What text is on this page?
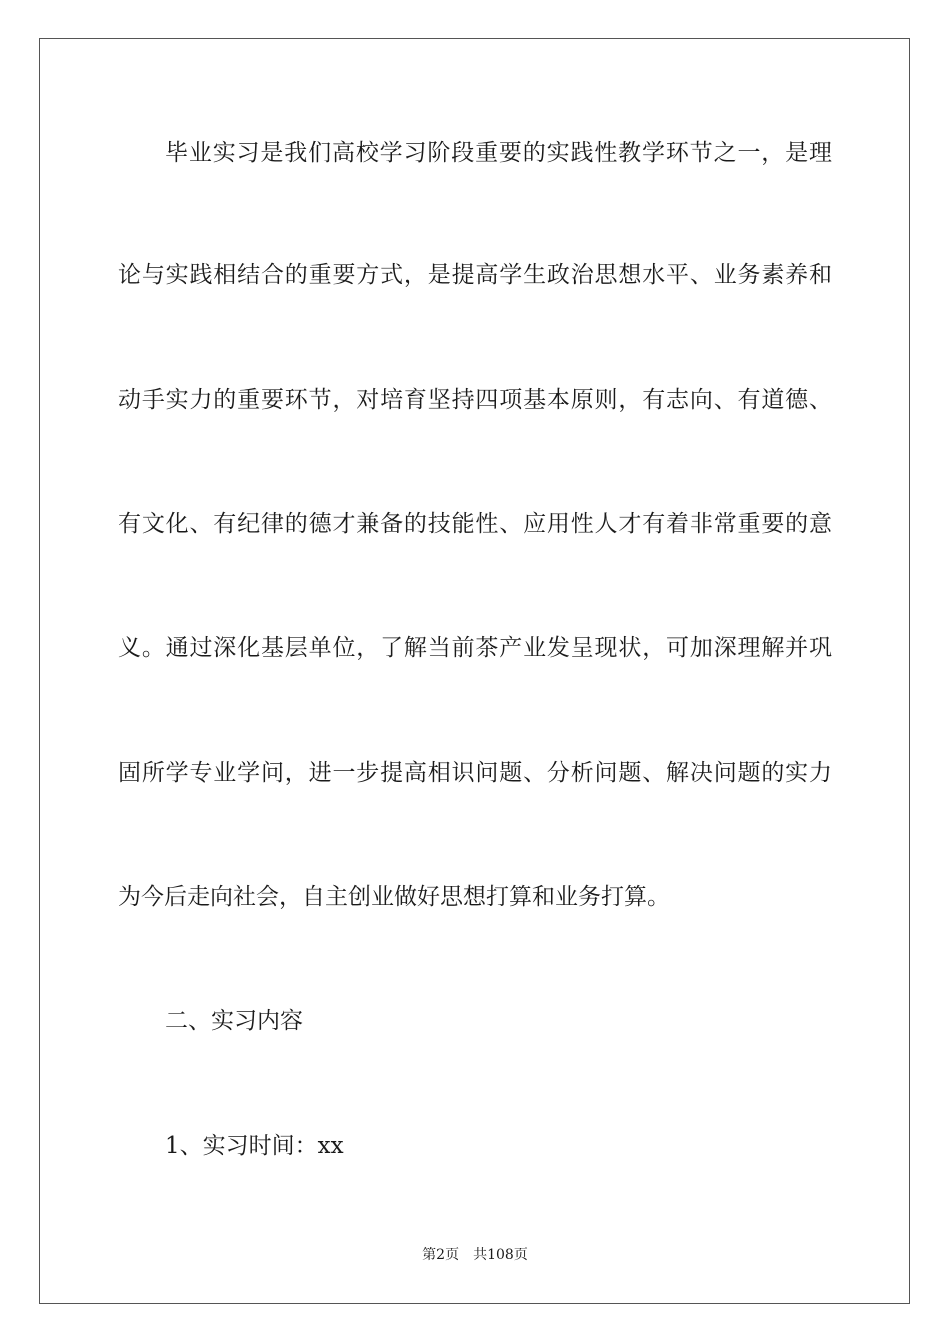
毕业实习是我们高校学习阶段重要的实践性教学环节之一，是理
论与实践相结合的重要方式，是提高学生政治思想水平、业务素养和
动手实力的重要环节，对培育坚持四项基本原则，有志向、有道德、
有文化、有纪律的德才兼备的技能性、应用性人才有着非常重要的意
义。通过深化基层单位，了解当前茶产业发呈现状，可加深理解并巩
固所学专业学问，进一步提高相识问题、分析问题、解决问题的实力
为今后走向社会，自主创业做好思想打算和业务打算。
二、实习内容
1、实习时间：xx
第2页 共108页
